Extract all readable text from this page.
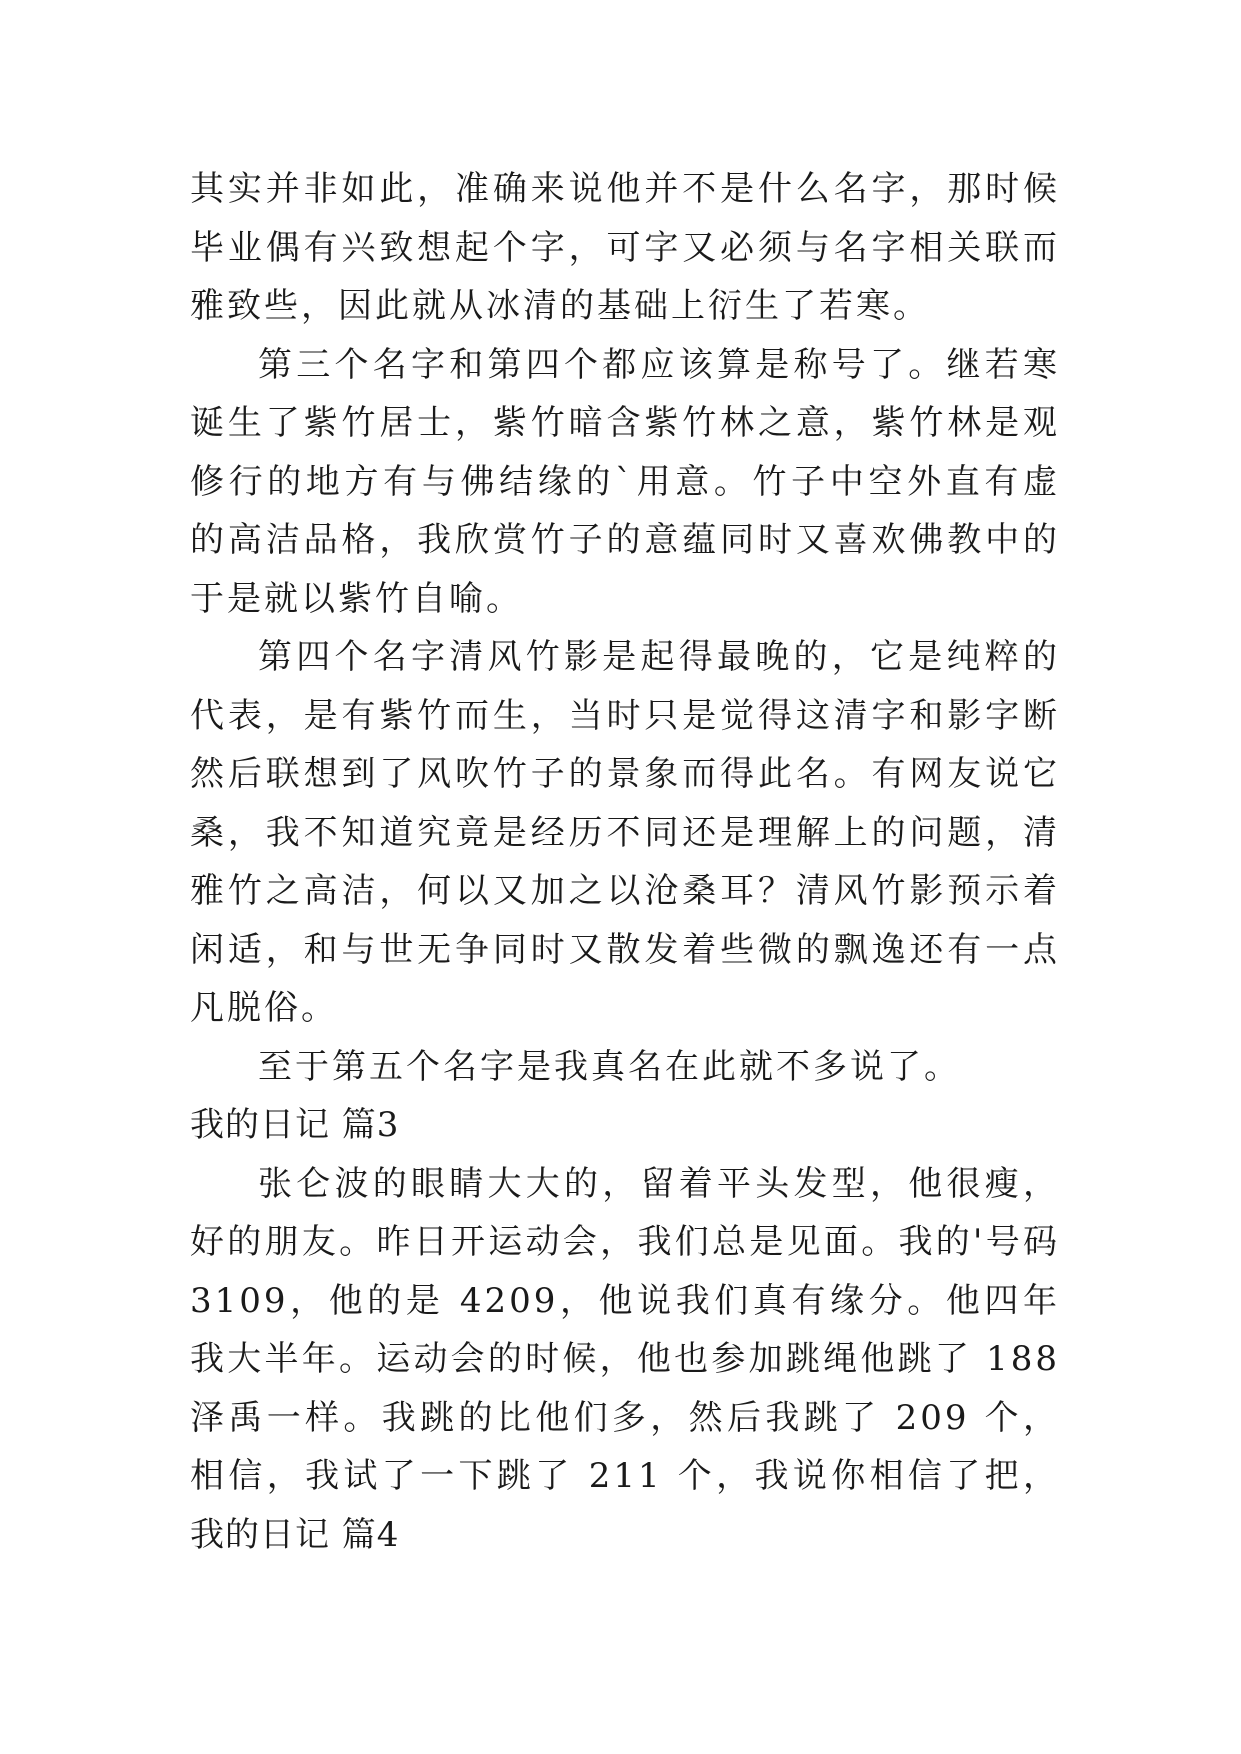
其实并非如此，准确来说他并不是什么名字，那时候
毕业偶有兴致想起个字，可字又必须与名字相关联而
雅致些，因此就从冰清的基础上衍生了若寒。
第三个名字和第四个都应该算是称号了。继若寒
诞生了紫竹居士，紫竹暗含紫竹林之意，紫竹林是观
修行的地方有与佛结缘的`用意。竹子中空外直有虚
的高洁品格，我欣赏竹子的意蕴同时又喜欢佛教中的
于是就以紫竹自喻。
第四个名字清风竹影是起得最晚的，它是纯粹的
代表，是有紫竹而生，当时只是觉得这清字和影字断
然后联想到了风吹竹子的景象而得此名。有网友说它
桑，我不知道究竟是经历不同还是理解上的问题，清
雅竹之高洁，何以又加之以沧桑耳？清风竹影预示着
闲适，和与世无争同时又散发着些微的飘逸还有一点
凡脱俗。
至于第五个名字是我真名在此就不多说了。
我的日记 篇3
张仑波的眼睛大大的，留着平头发型，他很瘦，
好的朋友。昨日开运动会，我们总是见面。我的'号码
3109，他的是 4209，他说我们真有缘分。他四年
我大半年。运动会的时候，他也参加跳绳他跳了 188
泽禹一样。我跳的比他们多，然后我跳了 209 个，
相信，我试了一下跳了 211 个，我说你相信了把，
我的日记 篇4
